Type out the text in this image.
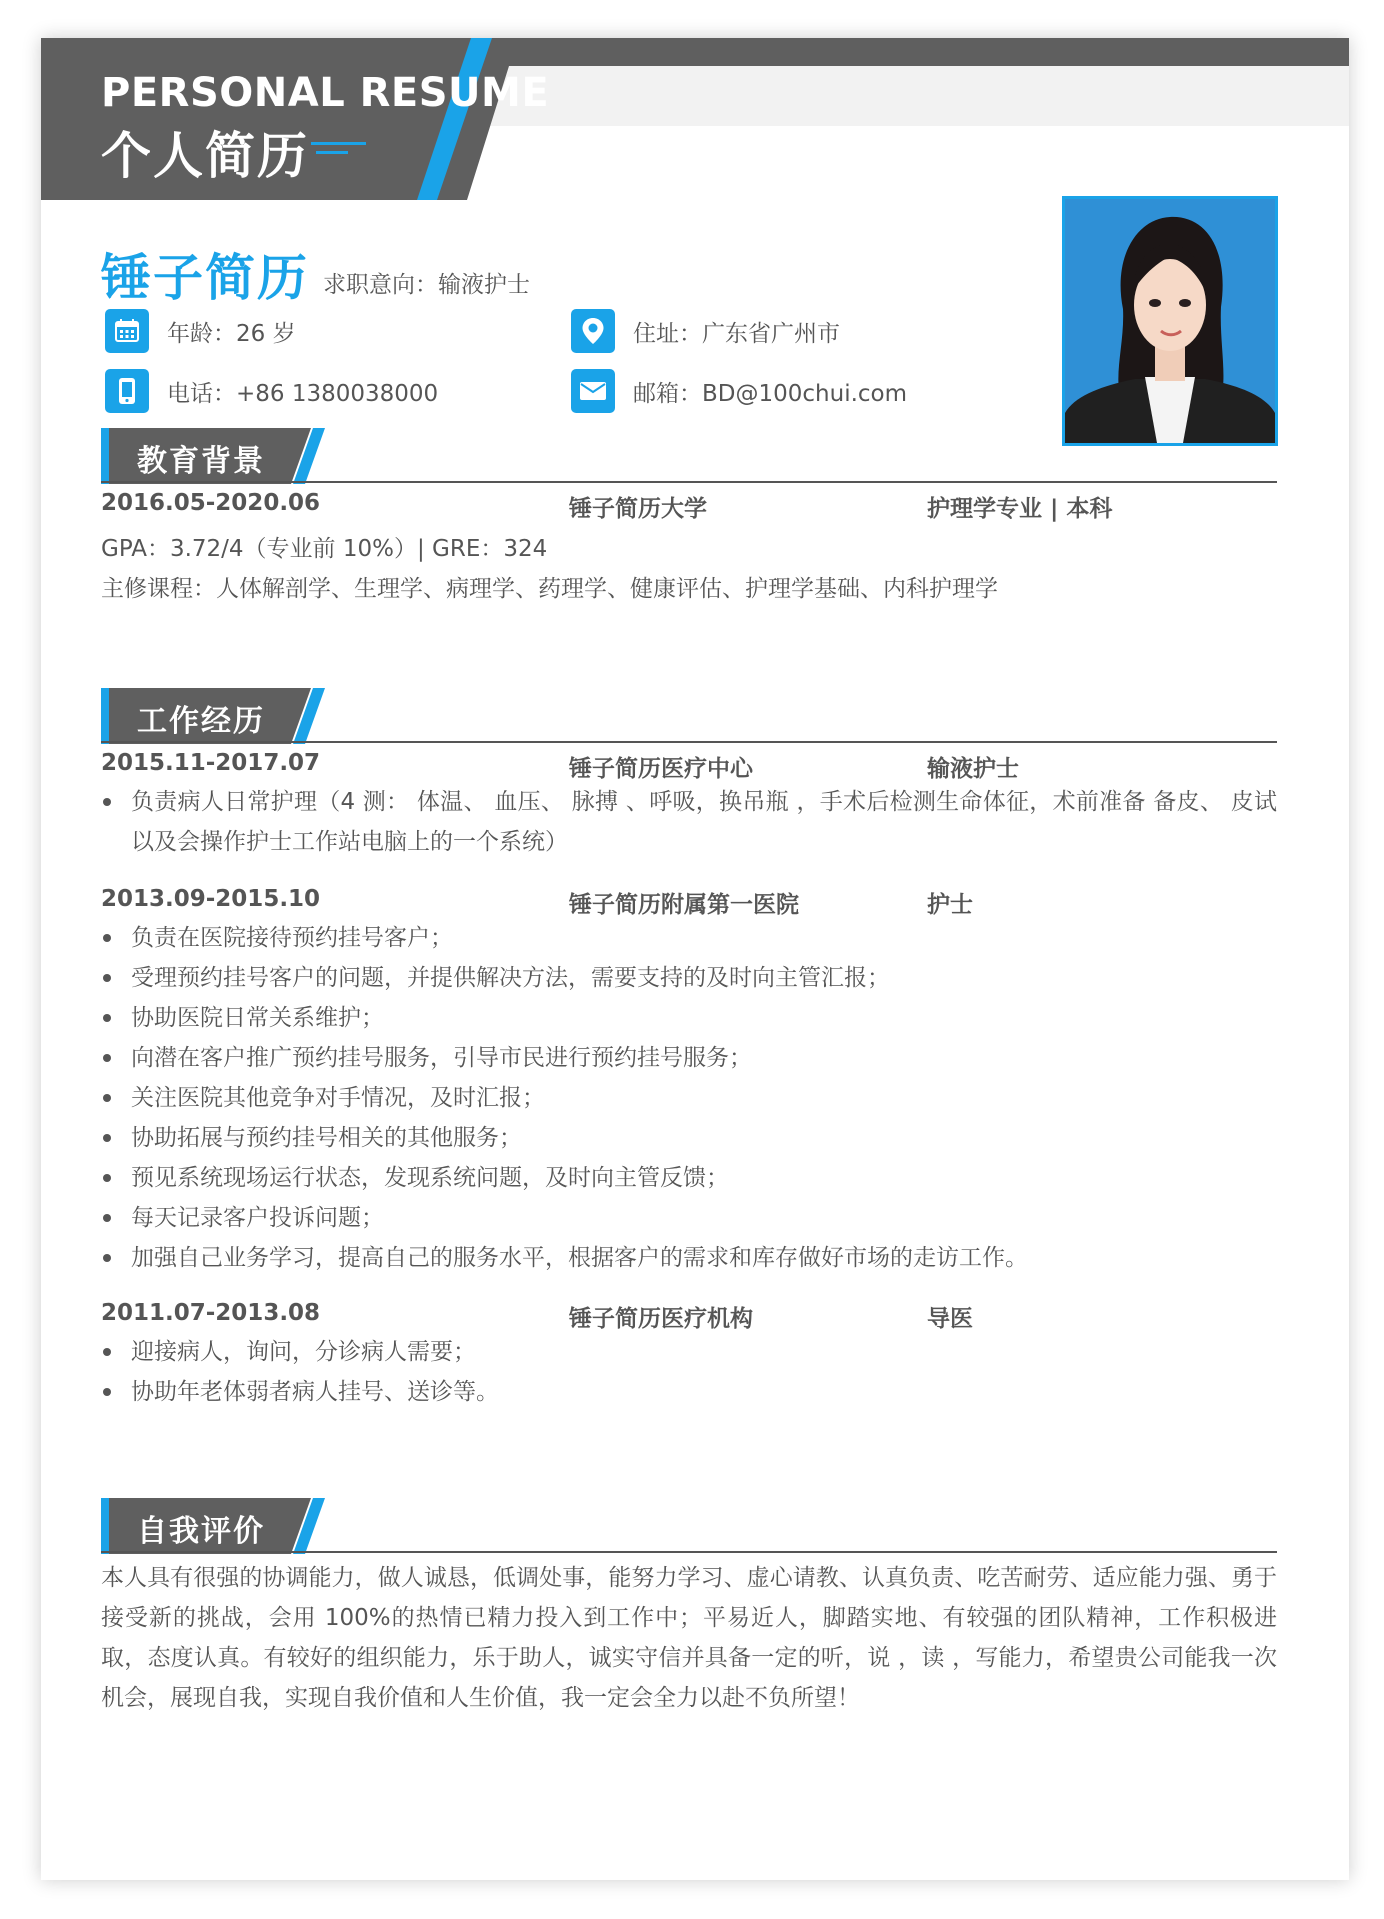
PERSONAL RESUME
个人简历
锤子简历 求职意向：输液护士
年龄：26 岁	住址：广东省广州市
电话：+86 1380038000	邮箱：BD@100chui.com
教育背景
2016.05-2020.06	锤子简历大学	护理学专业 | 本科
GPA：3.72/4（专业前 10%）| GRE：324
主修课程：人体解剖学、生理学、病理学、药理学、健康评估、护理学基础、内科护理学
工作经历
2015.11-2017.07	锤子简历医疗中心	输液护士
负责病人日常护理（4 测： 体温、 血压、 脉搏 、呼吸，换吊瓶 ，手术后检测生命体征，术前准备 备皮、 皮试以及会操作护士工作站电脑上的一个系统）
2013.09-2015.10	锤子简历附属第一医院	护士
负责在医院接待预约挂号客户；
受理预约挂号客户的问题，并提供解决方法，需要支持的及时向主管汇报；
协助医院日常关系维护；
向潜在客户推广预约挂号服务，引导市民进行预约挂号服务；
关注医院其他竞争对手情况，及时汇报；
协助拓展与预约挂号相关的其他服务；
预见系统现场运行状态，发现系统问题，及时向主管反馈；
每天记录客户投诉问题；
加强自己业务学习，提高自己的服务水平，根据客户的需求和库存做好市场的走访工作。
2011.07-2013.08	锤子简历医疗机构	导医
迎接病人，询问，分诊病人需要；
协助年老体弱者病人挂号、送诊等。
自我评价

本人具有很强的协调能力，做人诚恳，低调处事，能努力学习、虚心请教、认真负责、吃苦耐劳、适应能力强、勇于接受新的挑战，会用 100%的热情已精力投入到工作中；平易近人，脚踏实地、有较强的团队精神，工作积极进取，态度认真。有较好的组织能力，乐于助人，诚实守信并具备一定的听，说 ，读 ，写能力，希望贵公司能我一次机会，展现自我，实现自我价值和人生价值，我一定会全力以赴不负所望！
